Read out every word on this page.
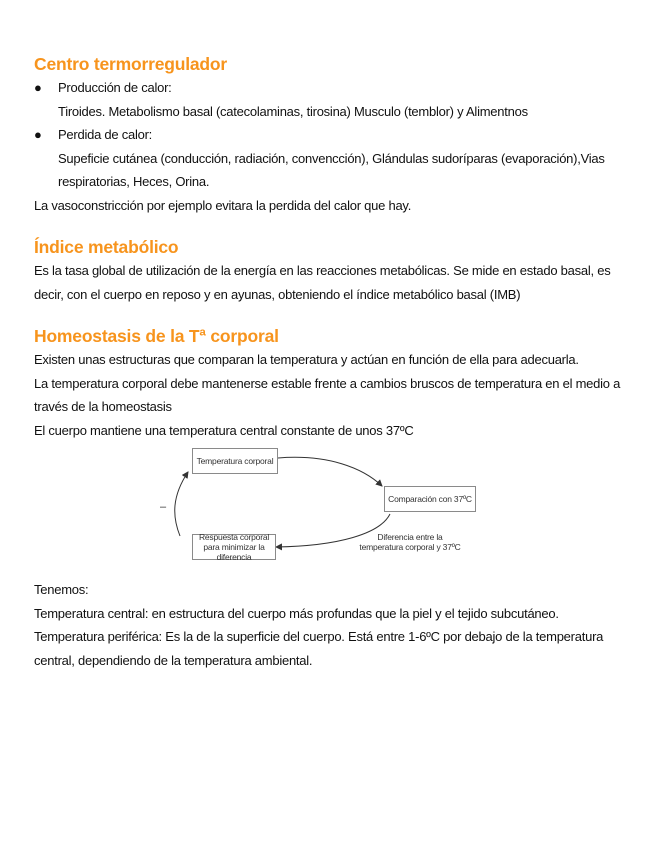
Centro termorregulador
● Producción de calor:

Tiroides. Metabolismo basal (catecolaminas, tirosina) Musculo (temblor) y Alimentnos

● Perdida de calor:

Supeficie cutánea (conducción, radiación, convencción), Glándulas sudoríparas (evaporación),Vias respiratorias, Heces, Orina.

La vasoconstricción por ejemplo evitara la perdida del calor que hay.

Índice metabólico

Es la tasa global de utilización de la energía en las reacciones metabólicas. Se mide en estado basal, es decir, con el cuerpo en reposo y en ayunas, obteniendo el índice metabólico basal (IMB)

Homeostasis de la Tª corporal

Existen unas estructuras que comparan la temperatura y actúan en función de ella para adecuarla.

La temperatura corporal debe mantenerse estable frente a cambios bruscos de temperatura en el medio a través de la homeostasis

El cuerpo mantiene una temperatura central constante de unos 37ºC

Temperatura corporal
Comparación con 37ºC
Respuesta corporal para minimizar la diferencia
Diferencia entre la temperatura corporal y 37ºC
–

Tenemos:

Temperatura central: en estructura del cuerpo más profundas que la piel y el tejido subcutáneo.

Temperatura periférica: Es la de la superficie del cuerpo. Está entre 1-6ºC por debajo de la temperatura central, dependiendo de la temperatura ambiental.
